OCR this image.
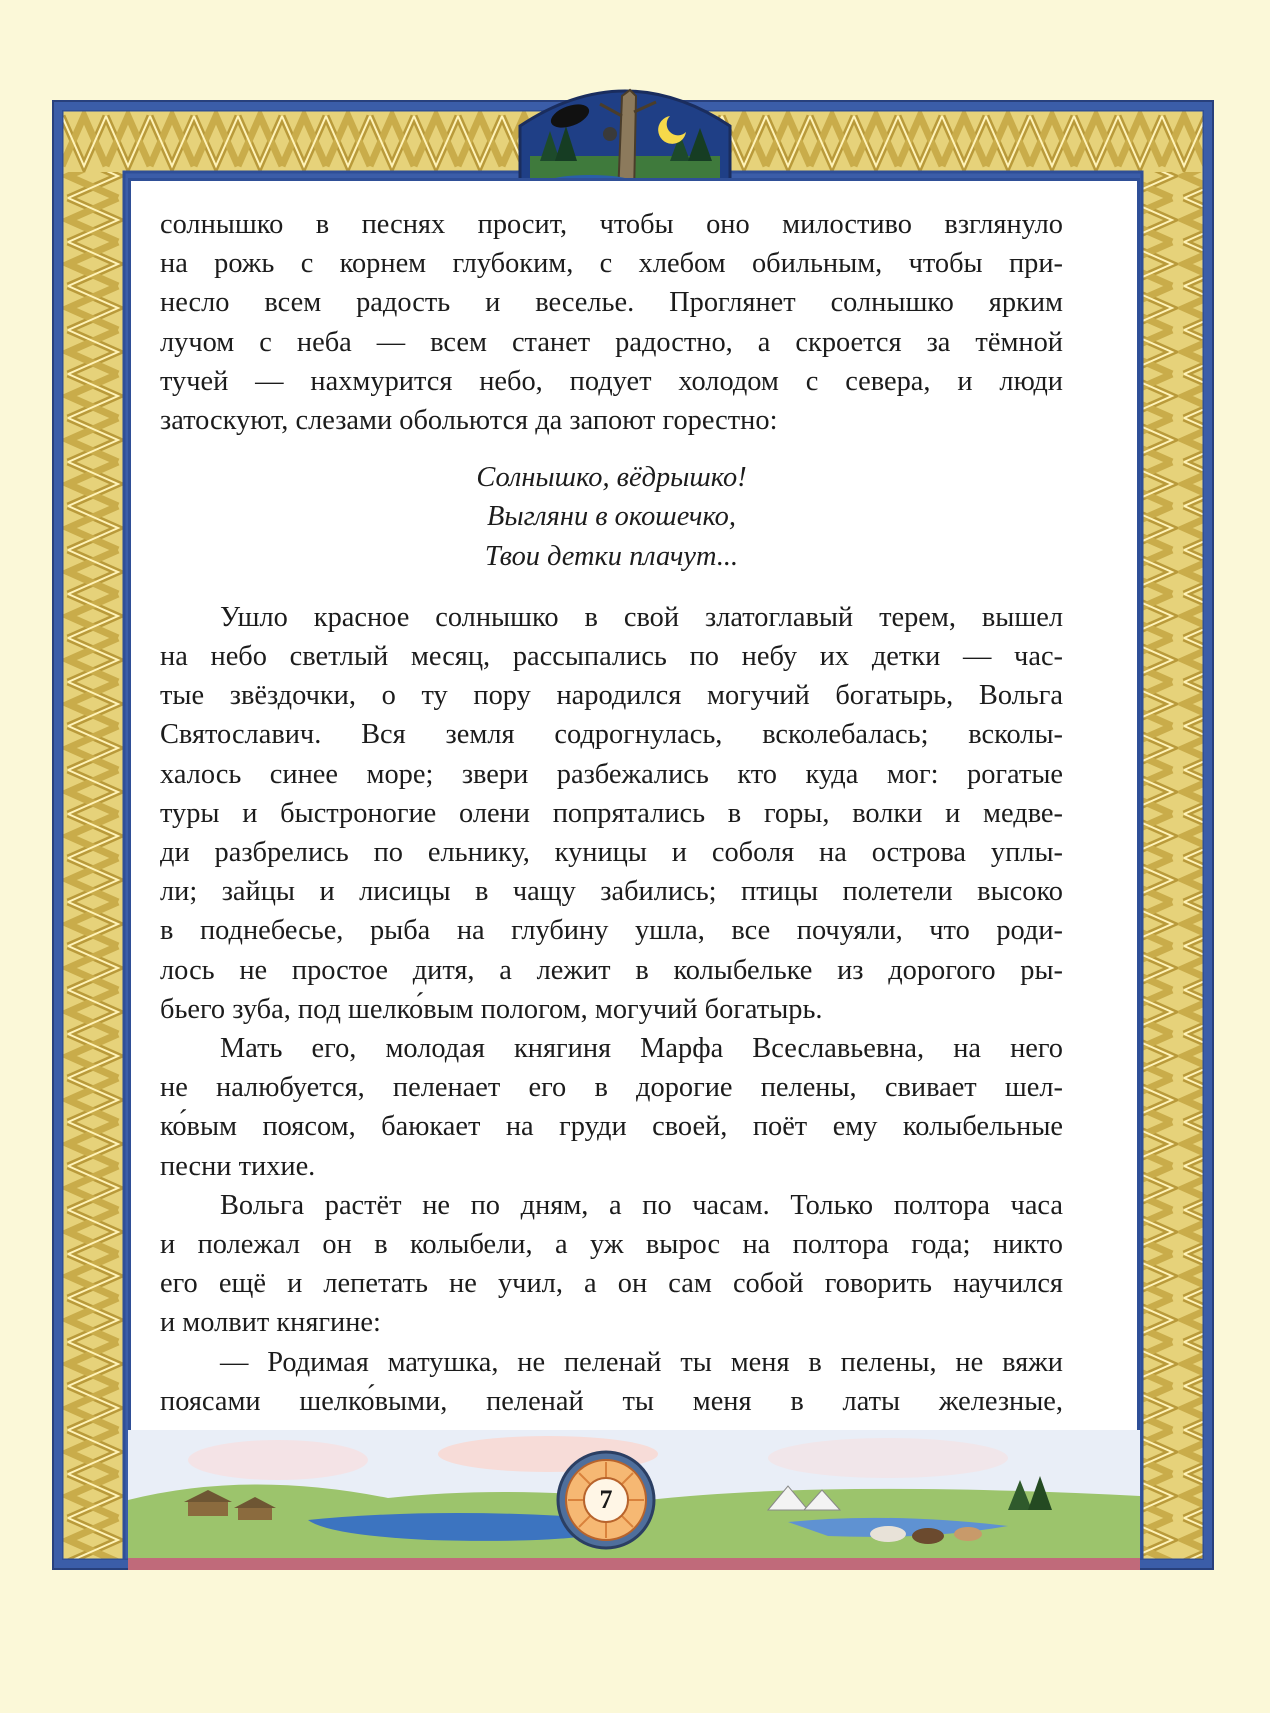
солнышко в песнях просит, чтобы оно милостиво взглянуло

на рожь с корнем глубоким, с хлебом обильным, чтобы при-

несло всем радость и веселье. Проглянет солнышко ярким

лучом с неба — всем станет радостно, а скроется за тёмной

тучей — нахмурится небо, подует холодом с севера, и люди

затоскуют, слезами обольются да запоют горестно:

Солнышко, вёдрышко!
Выгляни в окошечко,
Твои детки плачут...

Ушло красное солнышко в свой златоглавый терем, вышел

на небо светлый месяц, рассыпались по небу их детки — час-

тые звёздочки, о ту пору народился могучий богатырь, Вольга

Святославич. Вся земля содрогнулась, всколебалась; всколы-

халось синее море; звери разбежались кто куда мог: рогатые

туры и быстроногие олени попрятались в горы, волки и медве-

ди разбрелись по ельнику, куницы и соболя на острова уплы-

ли; зайцы и лисицы в чащу забились; птицы полетели высоко

в поднебесье, рыба на глубину ушла, все почуяли, что роди-

лось не простое дитя, а лежит в колыбельке из дорогого ры-

бьего зуба, под шелко́вым пологом, могучий богатырь.

Мать его, молодая княгиня Марфа Всеславьевна, на него

не налюбуется, пеленает его в дорогие пелены, свивает шел-

ко́вым поясом, баюкает на груди своей, поёт ему колыбельные

песни тихие.

Вольга растёт не по дням, а по часам. Только полтора часа

и полежал он в колыбели, а уж вырос на полтора года; никто

его ещё и лепетать не учил, а он сам собой говорить научился

и молвит княгине:

— Родимая матушка, не пеленай ты меня в пелены, не вяжи

поясами шелко́выми, пеленай ты меня в латы железные,

7
